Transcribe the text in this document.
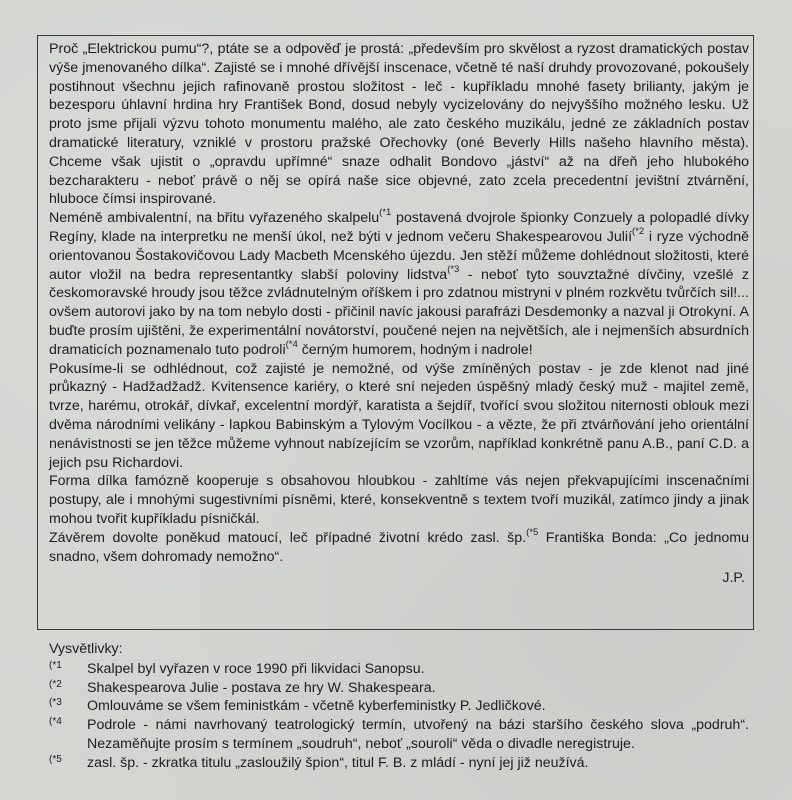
Proč „Elektrickou pumu“?, ptáte se a odpověď je prostá: „především pro skvělost a ryzost dramatických postav výše jmenovaného dílka“. Zajisté se i mnohé dřívější inscenace, včetně té naší druhdy provozované, pokoušely postihnout všechnu jejich rafinovaně prostou složitost - leč - kupříkladu mnohé fasety brilianty, jakým je bezesporu úhlavní hrdina hry František Bond, dosud nebyly vycizelovány do nejvyššího možného lesku. Už proto jsme přijali výzvu tohoto monumentu malého, ale zato českého muzikálu, jedné ze základních postav dramatické literatury, vzniklé v prostoru pražské Ořechovky (oné Beverly Hills našeho hlavního města). Chceme však ujistit o „opravdu upřímné“ snaze odhalit Bondovo „jáství“ až na dřeň jeho hlubokého bezcharakteru - neboť právě o něj se opírá naše sice objevné, zato zcela precedentní jevištní ztvárnění, hluboce čímsi inspirované.

Neméně ambivalentní, na břitu vyřazeného skalpelu$^{(*1}$ postavená dvojrole špionky Conzuely a polopadlé dívky Regíny, klade na interpretku ne menší úkol, než býti v jednom večeru Shakespearovou Julií$^{(*2}$ i ryze východně orientovanou Šostakovičovou Lady Macbeth Mcenského újezdu. Jen stěží můžeme dohlédnout složitosti, které autor vložil na bedra representantky slabší poloviny lidstva$^{(*3}$ - neboť tyto souvztažné dívčiny, vzešlé z českomoravské hroudy jsou těžce zvládnutelným oříškem i pro zdatnou mistryni v plném rozkvětu tvůrčích sil!... ovšem autorovi jako by na tom nebylo dosti - přičinil navíc jakousi parafrázi Desdemonky a nazval ji Otrokyní. A buďte prosím ujištěni, že experimentální novátorství, poučené nejen na největších, ale i nejmenších absurdních dramaticích poznamenalo tuto podroli$^{(*4}$ černým humorem, hodným i nadrole!

Pokusíme-li se odhlédnout, což zajisté je nemožné, od výše zmíněných postav - je zde klenot nad jiné průkazný - Hadžadžadž. Kvitensence kariéry, o které sní nejeden úspěšný mladý český muž - majitel země, tvrze, harému, otrokář, dívkař, excelentní mordýř, karatista a šejdíř, tvořící svou složitou niternosti oblouk mezi dvěma národními velikány - lapkou Babinským a Tylovým Vocílkou - a vězte, že při ztvárňování jeho orientální nenávistnosti se jen těžce můžeme vyhnout nabízejícím se vzorům, například konkrétně panu A.B., paní C.D. a jejich psu Richardovi.

Forma dílka famózně kooperuje s obsahovou hloubkou - zahltíme vás nejen překvapujícími inscenačními postupy, ale i mnohými sugestivními písněmi, které, konsekventně s textem tvoří muzikál, zatímco jindy a jinak mohou tvořit kupříkladu písničkál.

Závěrem dovolte poněkud matoucí, leč případné životní krédo zasl. šp.$^{(*5}$ Františka Bonda: „Co jednomu snadno, všem dohromady nemožno“.

J.P.

Vysvětlivky:

(*1	Skalpel byl vyřazen v roce 1990 při likvidaci Sanopsu.
(*2	Shakespearova Julie - postava ze hry W. Shakespeara.
(*3	Omlouváme se všem feministkám - včetně kyberfeministky P. Jedličkové.
(*4	Podrole - námi navrhovaný teatrologický termín, utvořený na bázi staršího českého slova „podruh“. Nezaměňujte prosím s termínem „soudruh“, neboť „souroli“ věda o divadle neregistruje.
(*5	zasl. šp. - zkratka titulu „zasloužilý špion“, titul F. B. z mládí - nyní jej již neužívá.
